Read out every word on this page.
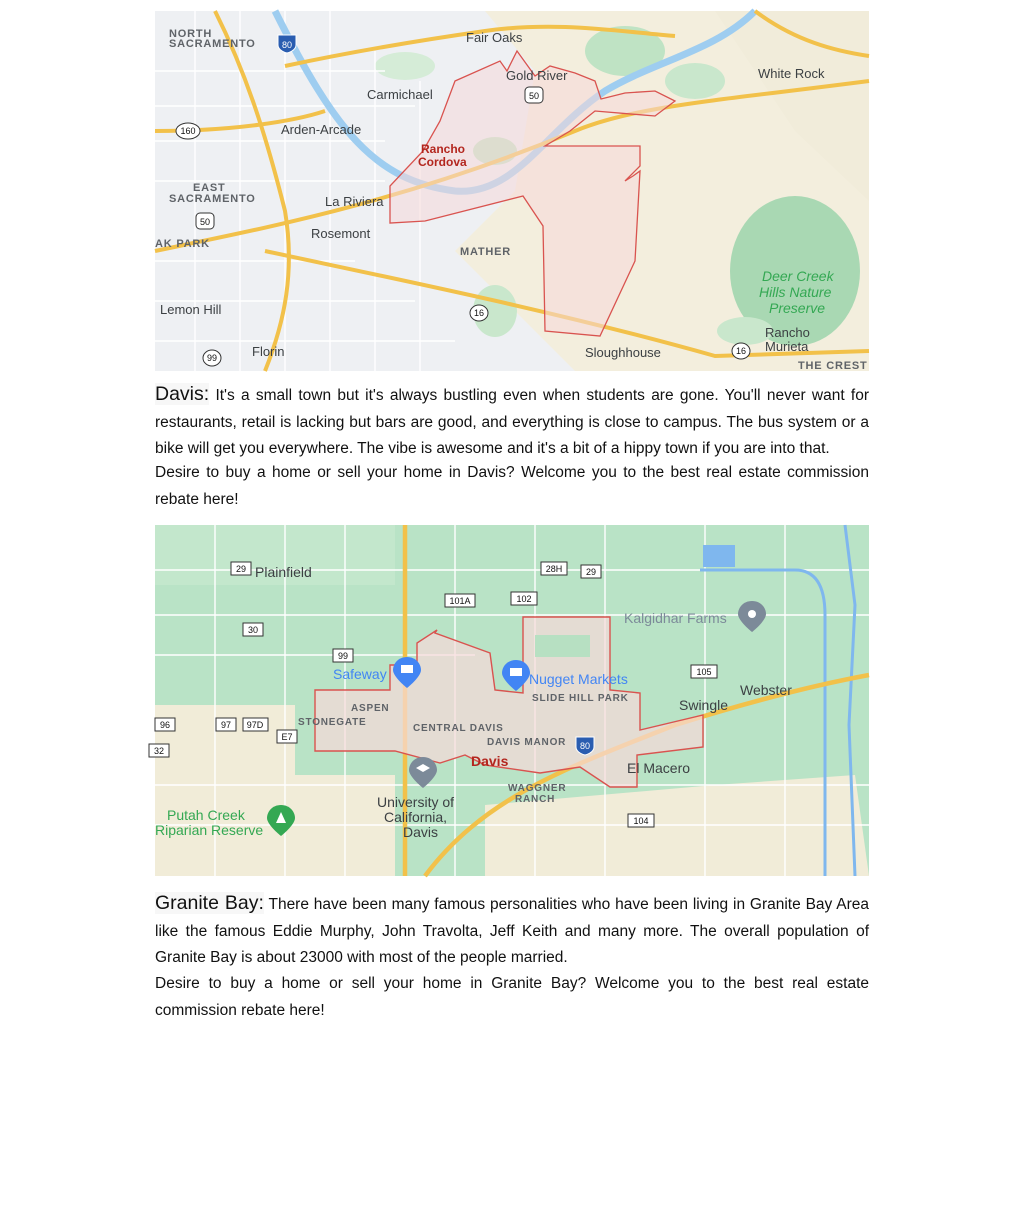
NORTH
SACRAMENTO
EAST
SACRAMENTO
AK PARK
MATHER
THE CREST
Fair Oaks
Gold River	White Rock
Carmichael
Arden-Arcade
La Riviera
Rosemont
Lemon Hill
Rancho
Murieta
Florin	Sloughhouse
Rancho
Cordova
Deer Creek
Hills Nature
Preserve
80
50
50
160
16
16
99

Davis: It's a small town but it's always bustling even when students are gone. You'll never want for restaurants, retail is lacking but bars are good, and everything is close to campus. The bus system or a bike will get you everywhere. The vibe is awesome and it's a bit of a hippy town if you are into that.

Desire to buy a home or sell your home in Davis? Welcome you to the best real estate commission rebate here!

Plainfield
Webster
Swingle
El Macero
University of
California,
Davis
Kalgidhar Farms
Safeway	Nugget Markets
Putah Creek
Riparian Reserve
SLIDE HILL PARK
ASPEN
STONEGATE
CENTRAL DAVIS
DAVIS MANOR
WAGGNER
RANCH
Davis
29	28H	29
101A	102
30
99
105
96	97 97D
E7
32
104
80

Granite Bay: There have been many famous personalities who have been living in Granite Bay Area like the famous Eddie Murphy, John Travolta, Jeff Keith and many more. The overall population of Granite Bay is about 23000 with most of the people married.

Desire to buy a home or sell your home in Granite Bay? Welcome you to the best real estate commission rebate here!
